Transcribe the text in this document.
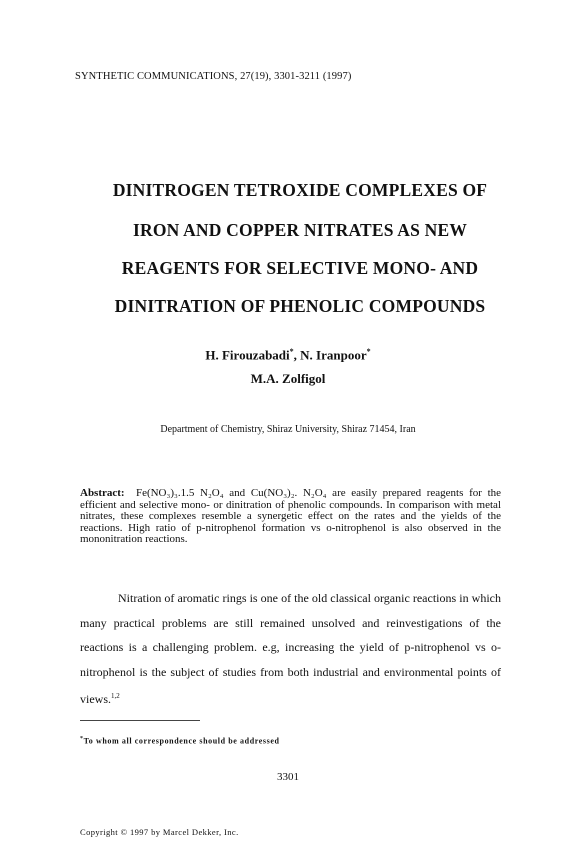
SYNTHETIC COMMUNICATIONS, 27(19), 3301-3211 (1997)
DINITROGEN TETROXIDE COMPLEXES OF
IRON AND COPPER NITRATES AS NEW
REAGENTS FOR SELECTIVE MONO- AND
DINITRATION OF PHENOLIC COMPOUNDS
H. Firouzabadi*, N. Iranpoor*
M.A. Zolfigol
Department of Chemistry, Shiraz University, Shiraz 71454, Iran
Abstract: Fe(NO₃)₃.1.5 N₂O₄ and Cu(NO₃)₂. N₂O₄ are easily prepared reagents for the efficient and selective mono- or dinitration of phenolic compounds. In comparison with metal nitrates, these complexes resemble a synergetic effect on the rates and the yields of the reactions. High ratio of p-nitrophenol formation vs o-nitrophenol is also observed in the mononitration reactions.

Nitration of aromatic rings is one of the old classical organic reactions in which many practical problems are still remained unsolved and reinvestigations of the reactions is a challenging problem. e.g, increasing the yield of p-nitrophenol vs o-nitrophenol is the subject of studies from both industrial and environmental points of views.$^{1,2}$

*To whom all correspondence should be addressed
3301
Copyright © 1997 by Marcel Dekker, Inc.
